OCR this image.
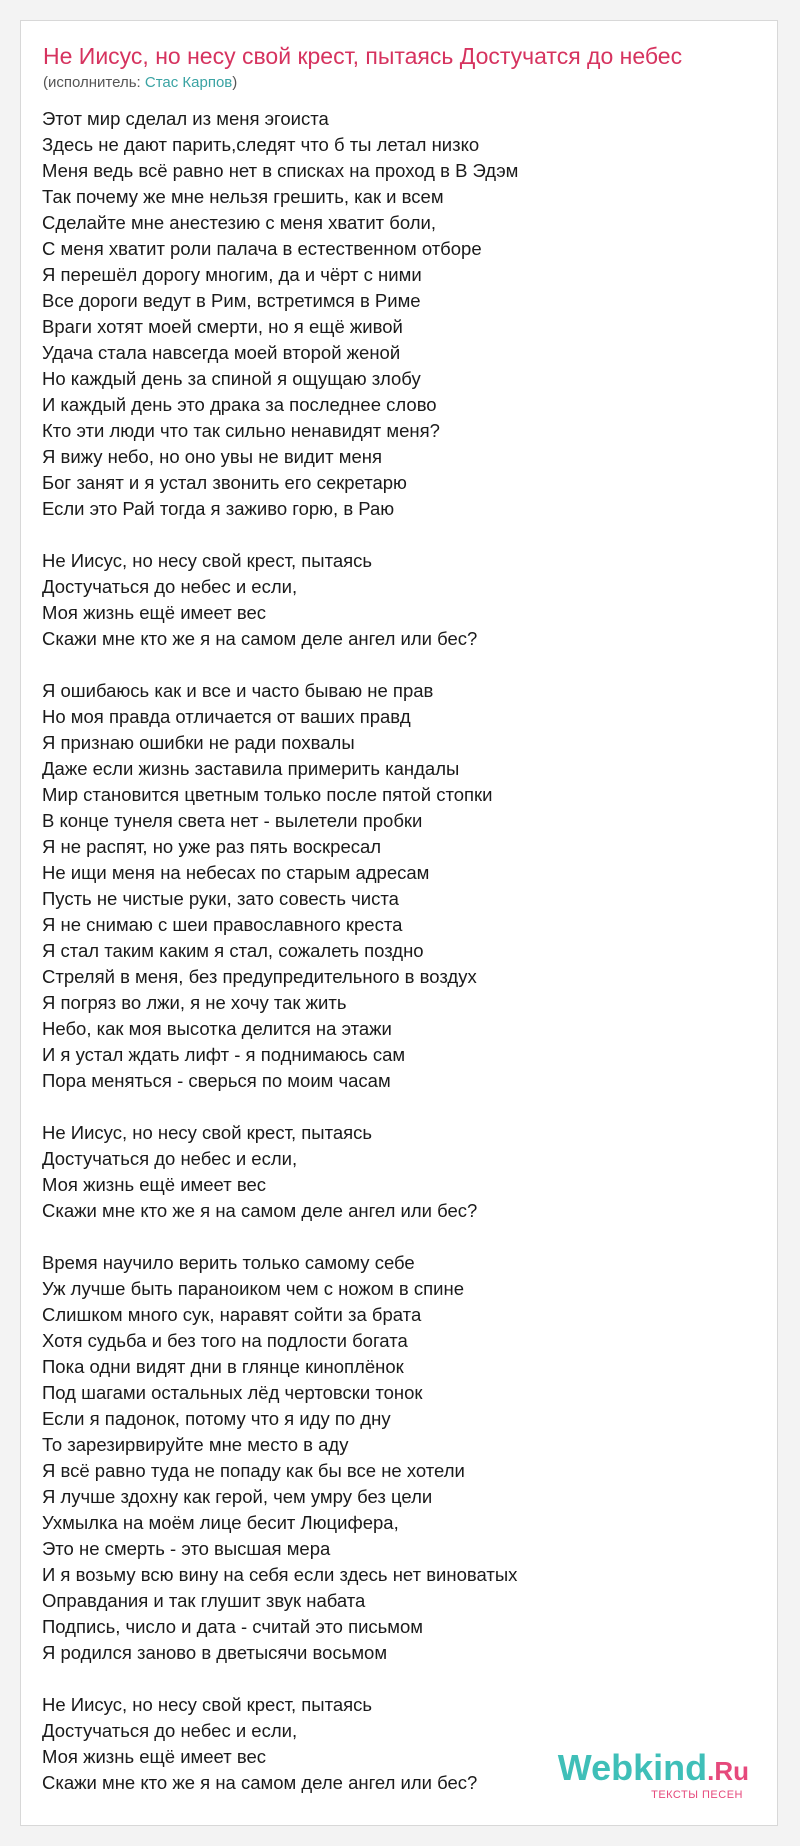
Не Иисус, но несу свой крест, пытаясь Достучатся до небес
(исполнитель: Стас Карпов)
Этот мир сделал из меня эгоиста
Здесь не дают парить,следят что б ты летал низко
Меня ведь всё равно нет в списках на проход в В Эдэм
Так почему же мне нельзя грешить, как и всем
Сделайте мне анестезию с меня хватит боли,
С меня хватит роли палача в естественном отборе
Я перешёл дорогу многим, да и чёрт с ними
Все дороги ведут в Рим, встретимся в Риме
Враги хотят моей смерти, но я ещё живой
Удача стала навсегда моей второй женой
Но каждый день за спиной я ощущаю злобу
И каждый день это драка за последнее слово
Кто эти люди что так сильно ненавидят меня?
Я вижу небо, но оно увы не видит меня
Бог занят и я устал звонить его секретарю
Если это Рай тогда я заживо горю, в Раю
Не Иисус, но несу свой крест, пытаясь
Достучаться до небес и если,
Моя жизнь ещё имеет вес
Скажи мне кто же я на самом деле ангел или бес?
Я ошибаюсь как и все и часто бываю не прав
Но моя правда отличается от ваших правд
Я признаю ошибки не ради похвалы
Даже если жизнь заставила примерить кандалы
Мир становится цветным только после пятой стопки
В конце тунеля света нет - вылетели пробки
Я не распят, но уже раз пять воскресал
Не ищи меня на небесах по старым адресам
Пусть не чистые руки, зато совесть чиста
Я не снимаю с шеи православного креста
Я стал таким каким я стал, сожалеть поздно
Стреляй в меня, без предупредительного в воздух
Я погряз во лжи, я не хочу так жить
Небо, как моя высотка делится на этажи
И я устал ждать лифт - я поднимаюсь сам
Пора меняться - сверься по моим часам
Не Иисус, но несу свой крест, пытаясь
Достучаться до небес и если,
Моя жизнь ещё имеет вес
Скажи мне кто же я на самом деле ангел или бес?
Время научило верить только самому себе
Уж лучше быть параноиком чем с ножом в спине
Слишком много сук, наравят сойти за брата
Хотя судьба и без того на подлости богата
Пока одни видят дни в глянце киноплёнок
Под шагами остальных лёд чертовски тонок
Если я падонок, потому что я иду по дну
То зарезирвируйте мне место в аду
Я всё равно туда не попаду как бы все не хотели
Я лучше здохну как герой, чем умру без цели
Ухмылка на моём лице бесит Люцифера,
Это не смерть - это высшая мера
И я возьму всю вину на себя если здесь нет виноватых
Оправдания и так глушит звук набата
Подпись, число и дата - считай это письмом
Я родился заново в дветысячи восьмом
Не Иисус, но несу свой крест, пытаясь
Достучаться до небес и если,
Моя жизнь ещё имеет вес
Скажи мне кто же я на самом деле ангел или бес?	Webkind.Ru
ТЕКСТЫ ПЕСЕН
